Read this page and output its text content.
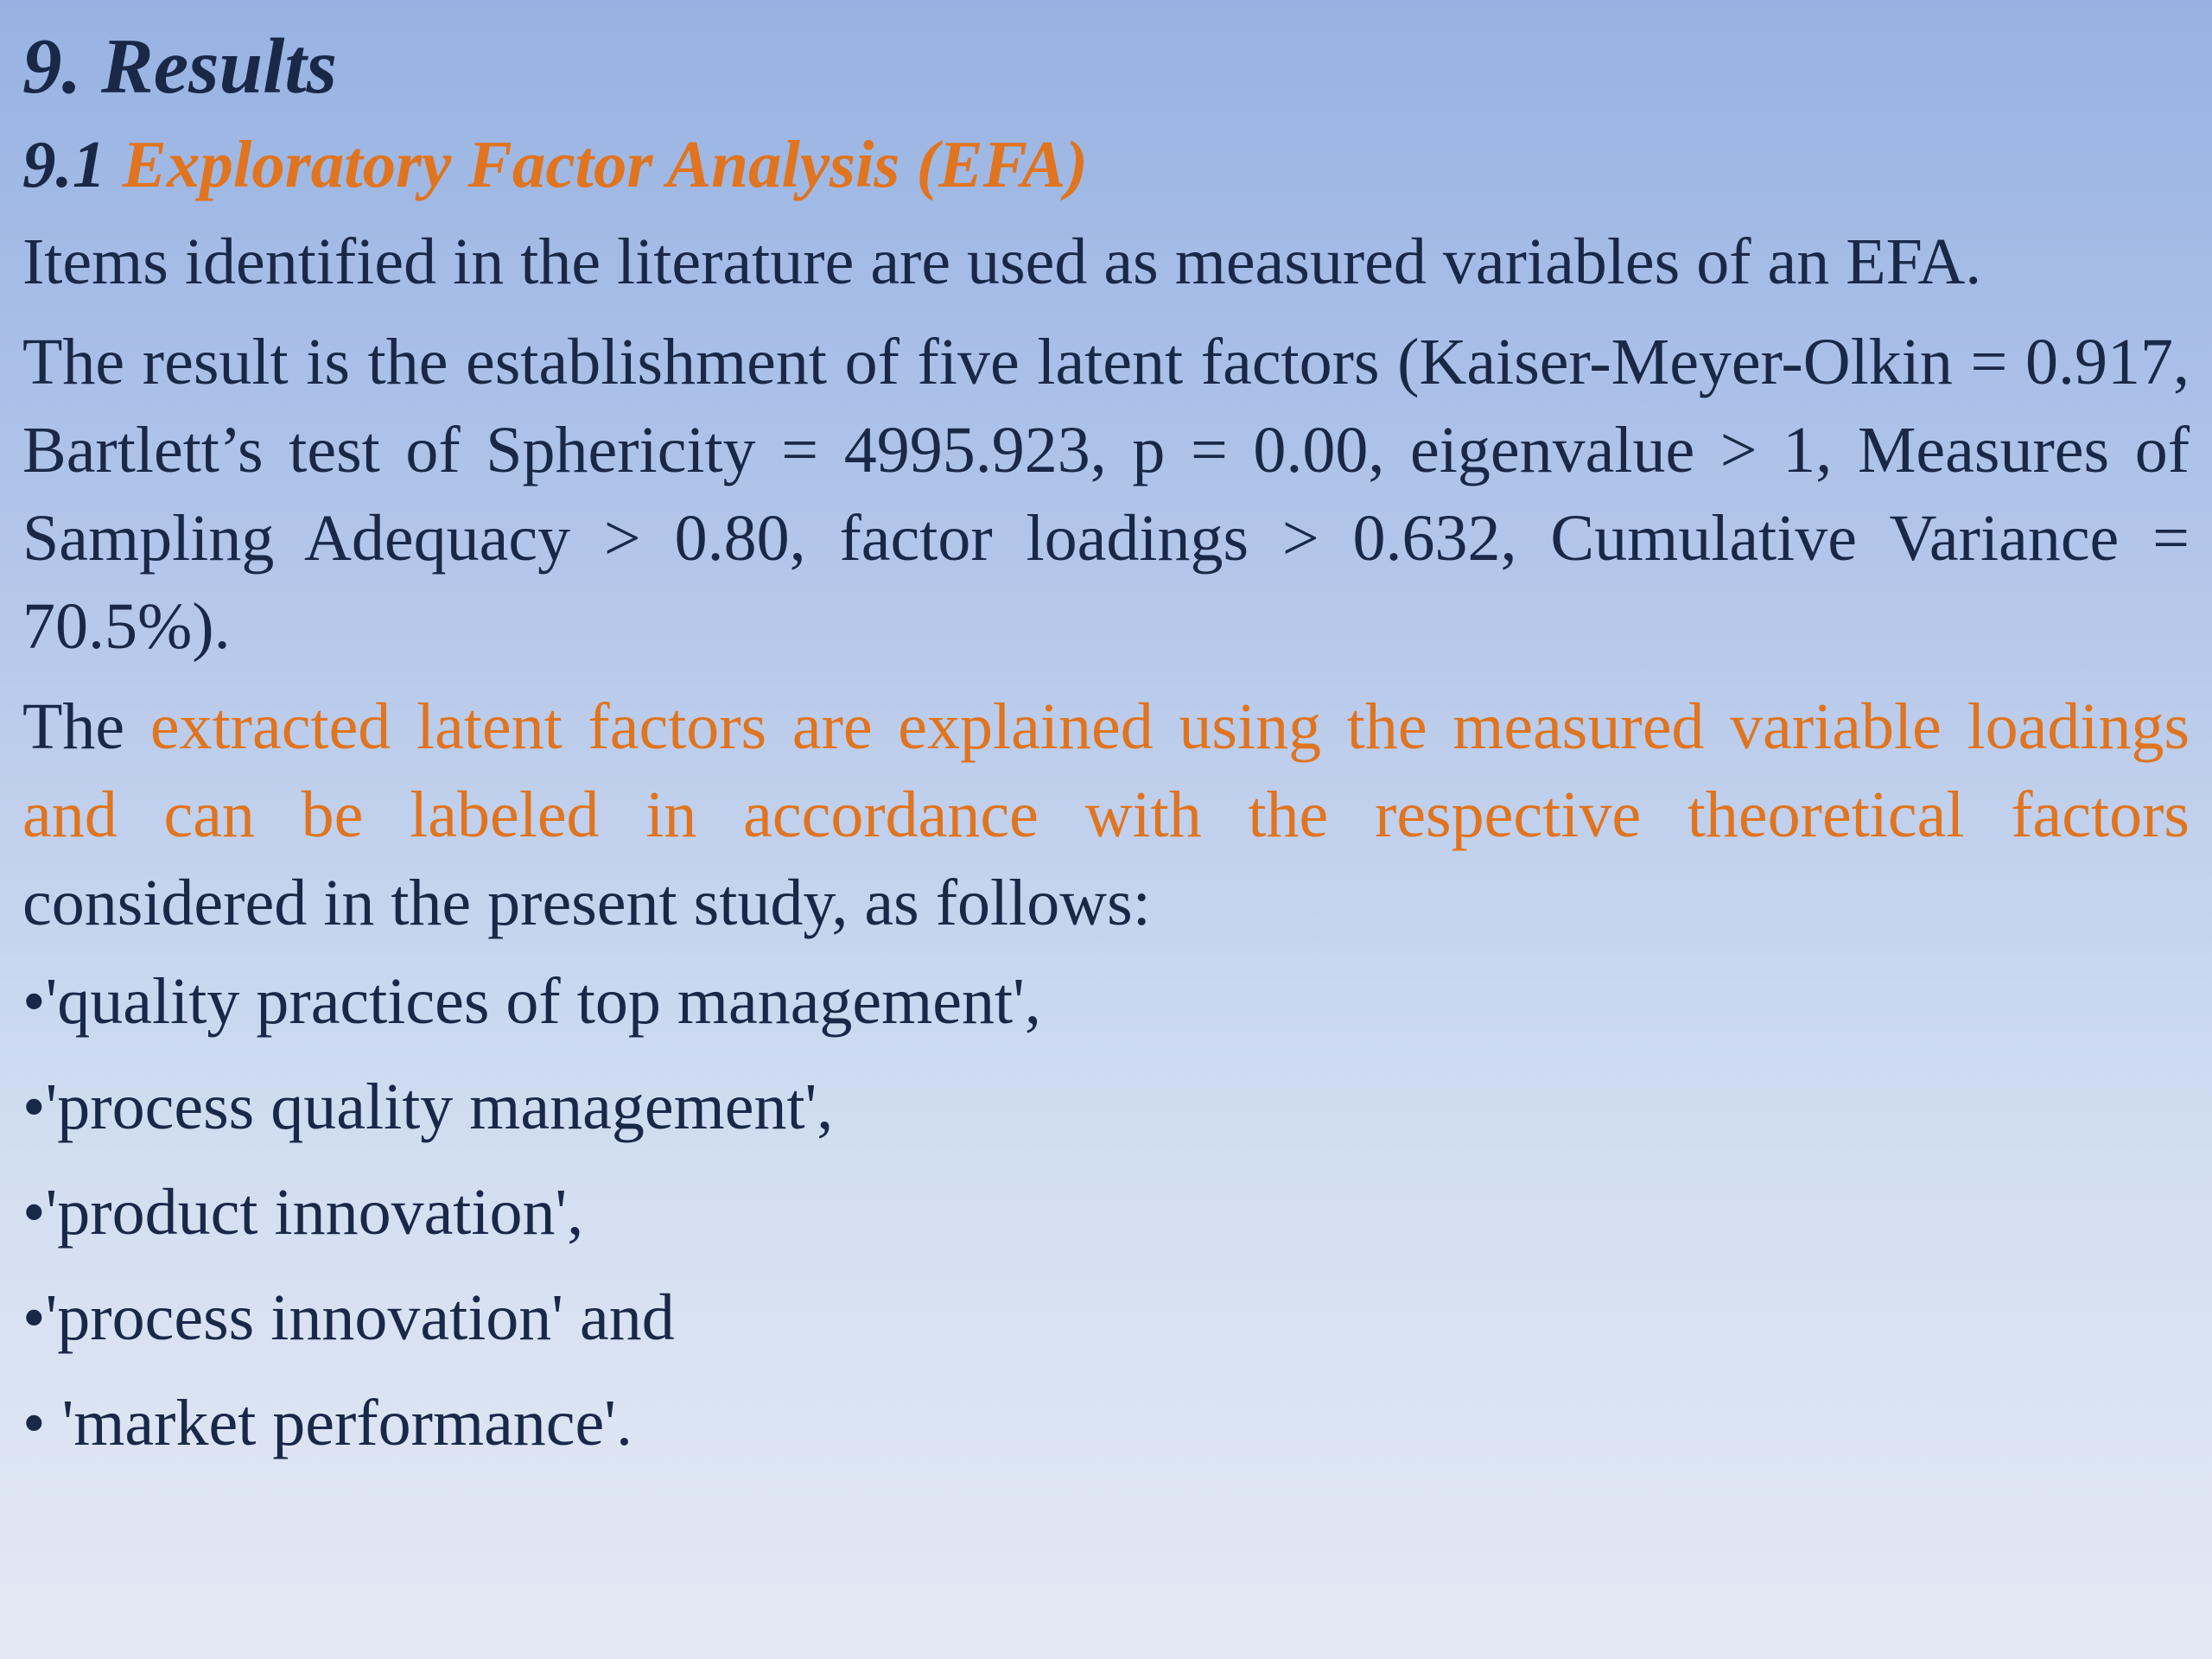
9. Results
9.1 Exploratory Factor Analysis (EFA)

Items identified in the literature are used as measured variables of an EFA.

The result is the establishment of five latent factors (Kaiser-Meyer-Olkin = 0.917, Bartlett’s test of Sphericity = 4995.923, p = 0.00, eigenvalue > 1, Measures of Sampling Adequacy > 0.80, factor loadings > 0.632, Cumulative Variance = 70.5%).

The extracted latent factors are explained using the measured variable loadings and can be labeled in accordance with the respective theoretical factors considered in the present study, as follows:

•'quality practices of top management',
•'process quality management',
•'product innovation',
•'process innovation' and
• 'market performance'.
